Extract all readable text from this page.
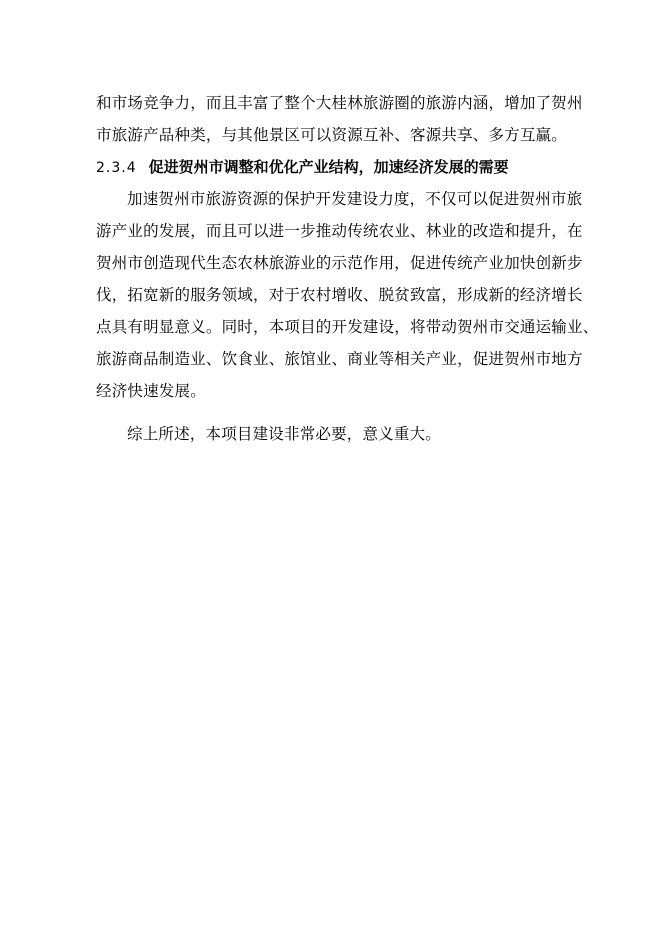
和市场竞争力，而且丰富了整个大桂林旅游圈的旅游内涵，增加了贺州
市旅游产品种类，与其他景区可以资源互补、客源共享、多方互赢。
2.3.4 促进贺州市调整和优化产业结构，加速经济发展的需要
加速贺州市旅游资源的保护开发建设力度，不仅可以促进贺州市旅
游产业的发展，而且可以进一步推动传统农业、林业的改造和提升，在
贺州市创造现代生态农林旅游业的示范作用，促进传统产业加快创新步
伐，拓宽新的服务领域，对于农村增收、脱贫致富，形成新的经济增长
点具有明显意义。同时，本项目的开发建设，将带动贺州市交通运输业、
旅游商品制造业、饮食业、旅馆业、商业等相关产业，促进贺州市地方
经济快速发展。
综上所述，本项目建设非常必要，意义重大。
